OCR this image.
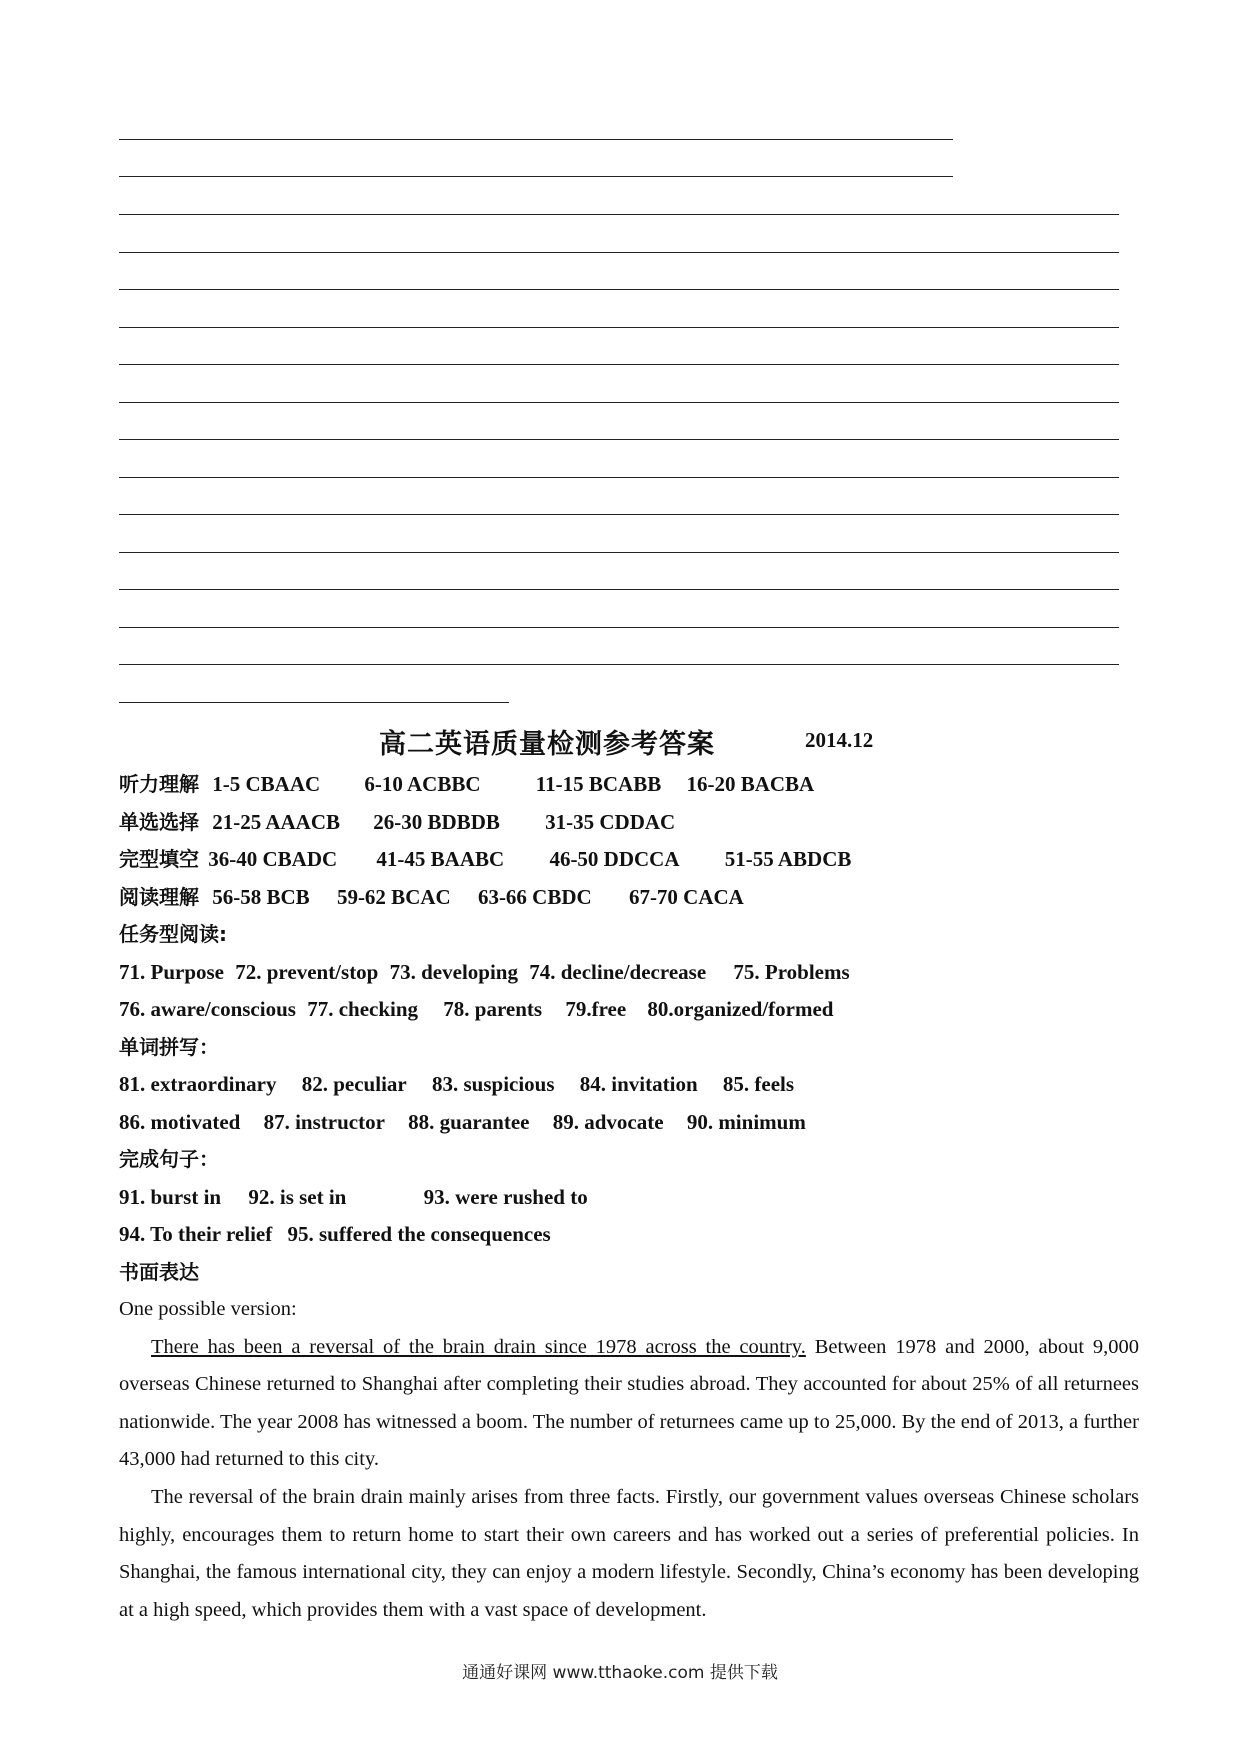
高二英语质量检测参考答案	2014.12
听力理解 1-5 CBAAC 6-10 ACBBC	11-15 BCABB 16-20 BACBA
单选选择 21-25 AAACB 26-30 BDBDB 31-35 CDDAC
完型填空 36-40 CBADC 41-45 BAABC 46-50 DDCCA 51-55 ABDCB
阅读理解 56-58 BCB 59-62 BCAC 63-66 CBDC 67-70 CACA
任务型阅读:
71. Purpose 72. prevent/stop 73. developing 74. decline/decrease 75. Problems
76. aware/conscious 77. checking 78. parents 79.free 80.organized/formed
单词拼写：
81. extraordinary 82. peculiar 83. suspicious 84. invitation 85. feels
86. motivated 87. instructor 88. guarantee 89. advocate 90. minimum
完成句子：
91. burst in 92. is set in	93. were rushed to
94. To their relief 95. suffered the consequences
书面表达
One possible version:

There has been a reversal of the brain drain since 1978 across the country. Between 1978 and 2000, about 9,000 overseas Chinese returned to Shanghai after completing their studies abroad. They accounted for about 25% of all returnees nationwide. The year 2008 has witnessed a boom. The number of returnees came up to 25,000. By the end of 2013, a further 43,000 had returned to this city.

The reversal of the brain drain mainly arises from three facts. Firstly, our government values overseas Chinese scholars highly, encourages them to return home to start their own careers and has worked out a series of preferential policies. In Shanghai, the famous international city, they can enjoy a modern lifestyle. Secondly, China’s economy has been developing at a high speed, which provides them with a vast space of development.

通通好课网 www.tthaoke.com 提供下载
